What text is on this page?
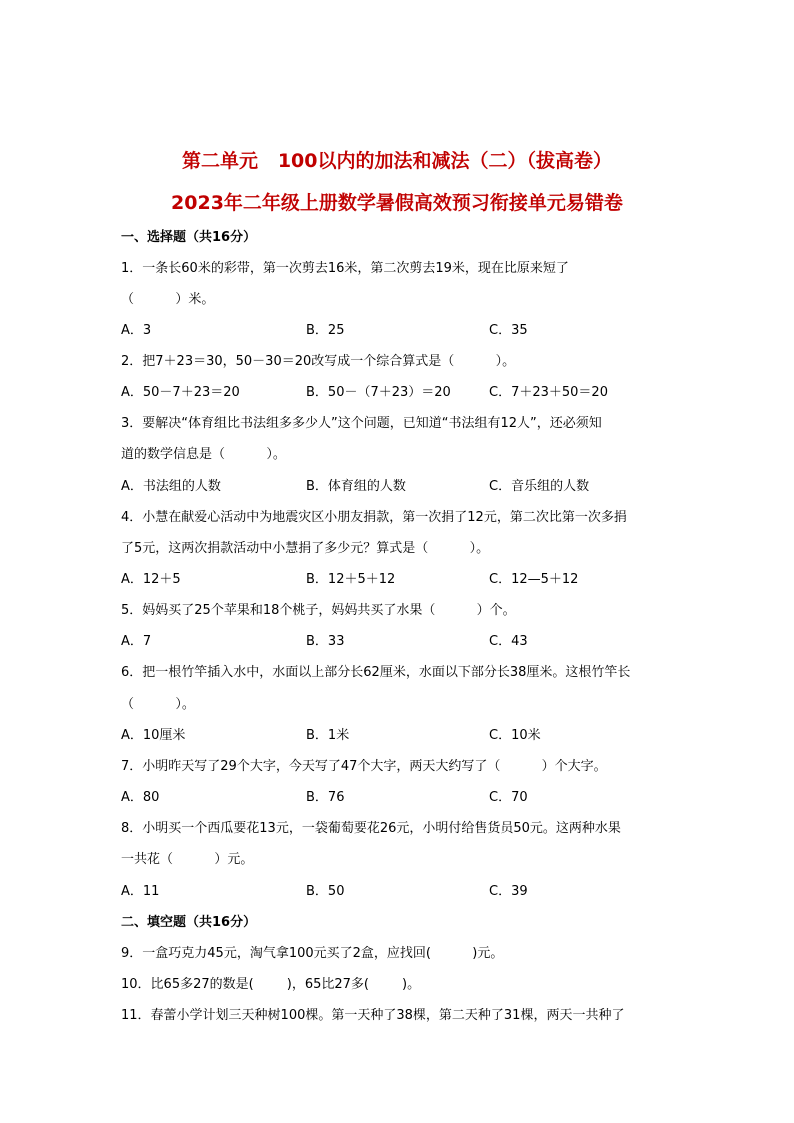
第二单元   100以内的加法和减法（二）（拔高卷）
2023年二年级上册数学暑假高效预习衔接单元易错卷
一、选择题（共16分）
1．一条长60米的彩带，第一次剪去16米，第二次剪去19米，现在比原来短了
（          ）米。
A．3	B．25	C．35
2．把7＋23＝30，50－30＝20改写成一个综合算式是（          ）。
A．50－7＋23＝20	B．50－（7＋23）＝20	C．7＋23＋50＝20
3．要解决“体育组比书法组多多少人”这个问题，已知道“书法组有12人”，还必须知
道的数学信息是（          ）。
A．书法组的人数	B．体育组的人数	C．音乐组的人数
4．小慧在献爱心活动中为地震灾区小朋友捐款，第一次捐了12元，第二次比第一次多捐
了5元，这两次捐款活动中小慧捐了多少元？算式是（          ）。
A．12＋5	B．12＋5＋12	C．12—5＋12
5．妈妈买了25个苹果和18个桃子，妈妈共买了水果（          ）个。
A．7	B．33	C．43
6．把一根竹竿插入水中，水面以上部分长62厘米，水面以下部分长38厘米。这根竹竿长
（          ）。
A．10厘米	B．1米	C．10米
7．小明昨天写了29个大字，今天写了47个大字，两天大约写了（          ）个大字。
A．80	B．76	C．70
8．小明买一个西瓜要花13元，一袋葡萄要花26元，小明付给售货员50元。这两种水果
一共花（          ）元。
A．11	B．50	C．39
二、填空题（共16分）
9．一盒巧克力45元，淘气拿100元买了2盒，应找回(          )元。
10．比65多27的数是(        )，65比27多(        )。
11．春蕾小学计划三天种树100棵。第一天种了38棵，第二天种了31棵，两天一共种了
